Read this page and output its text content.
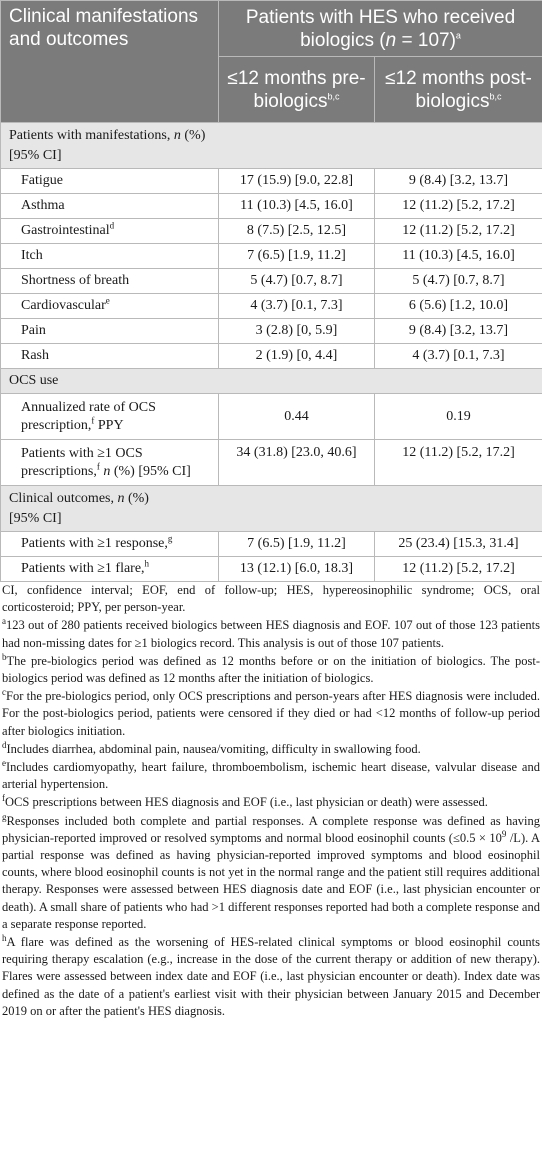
Clinical manifestations and outcomes	Patients with HES who received biologics (n = 107)$^a$
	≤12 months pre-biologics$^{b,c}$	≤12 months post-biologics$^{b,c}$
Patients with manifestations, n (%)
[95% CI]		
Fatigue	17 (15.9) [9.0, 22.8]	9 (8.4) [3.2, 13.7]
Asthma	11 (10.3) [4.5, 16.0]	12 (11.2) [5.2, 17.2]
Gastrointestinal$^d$	8 (7.5) [2.5, 12.5]	12 (11.2) [5.2, 17.2]
Itch	7 (6.5) [1.9, 11.2]	11 (10.3) [4.5, 16.0]
Shortness of breath	5 (4.7) [0.7, 8.7]	5 (4.7) [0.7, 8.7]
Cardiovascular$^e$	4 (3.7) [0.1, 7.3]	6 (5.6) [1.2, 10.0]
Pain	3 (2.8) [0, 5.9]	9 (8.4) [3.2, 13.7]
Rash	2 (1.9) [0, 4.4]	4 (3.7) [0.1, 7.3]
OCS use		
Annualized rate of OCS prescription,$^f$ PPY	0.44	0.19
Patients with ≥1 OCS prescriptions,$^f$ n (%) [95% CI]	34 (31.8) [23.0, 40.6]	12 (11.2) [5.2, 17.2]
Clinical outcomes, n (%)
[95% CI]		
Patients with ≥1 response,$^g$	7 (6.5) [1.9, 11.2]	25 (23.4) [15.3, 31.4]
Patients with ≥1 flare,$^h$	13 (12.1) [6.0, 18.3]	12 (11.2) [5.2, 17.2]

CI, confidence interval; EOF, end of follow-up; HES, hypereosinophilic syndrome; OCS, oral corticosteroid; PPY, per person-year.

$^a$123 out of 280 patients received biologics between HES diagnosis and EOF. 107 out of those 123 patients had non-missing dates for ≥1 biologics record. This analysis is out of those 107 patients.

$^b$The pre-biologics period was defined as 12 months before or on the initiation of biologics. The post-biologics period was defined as 12 months after the initiation of biologics.

$^c$For the pre-biologics period, only OCS prescriptions and person-years after HES diagnosis were included. For the post-biologics period, patients were censored if they died or had <12 months of follow-up period after biologics initiation.

$^d$Includes diarrhea, abdominal pain, nausea/vomiting, difficulty in swallowing food.

$^e$Includes cardiomyopathy, heart failure, thromboembolism, ischemic heart disease, valvular disease and arterial hypertension.

$^f$OCS prescriptions between HES diagnosis and EOF (i.e., last physician or death) were assessed.

$^g$Responses included both complete and partial responses. A complete response was defined as having physician-reported improved or resolved symptoms and normal blood eosinophil counts ($\le 0.5 \times 10^9$ /L). A partial response was defined as having physician-reported improved symptoms and blood eosinophil counts, where blood eosinophil counts is not yet in the normal range and the patient still requires additional therapy. Responses were assessed between HES diagnosis date and EOF (i.e., last physician encounter or death). A small share of patients who had >1 different responses reported had both a complete response and a separate response reported.

$^h$A flare was defined as the worsening of HES-related clinical symptoms or blood eosinophil counts requiring therapy escalation (e.g., increase in the dose of the current therapy or addition of new therapy). Flares were assessed between index date and EOF (i.e., last physician encounter or death). Index date was defined as the date of a patient's earliest visit with their physician between January 2015 and December 2019 on or after the patient's HES diagnosis.
